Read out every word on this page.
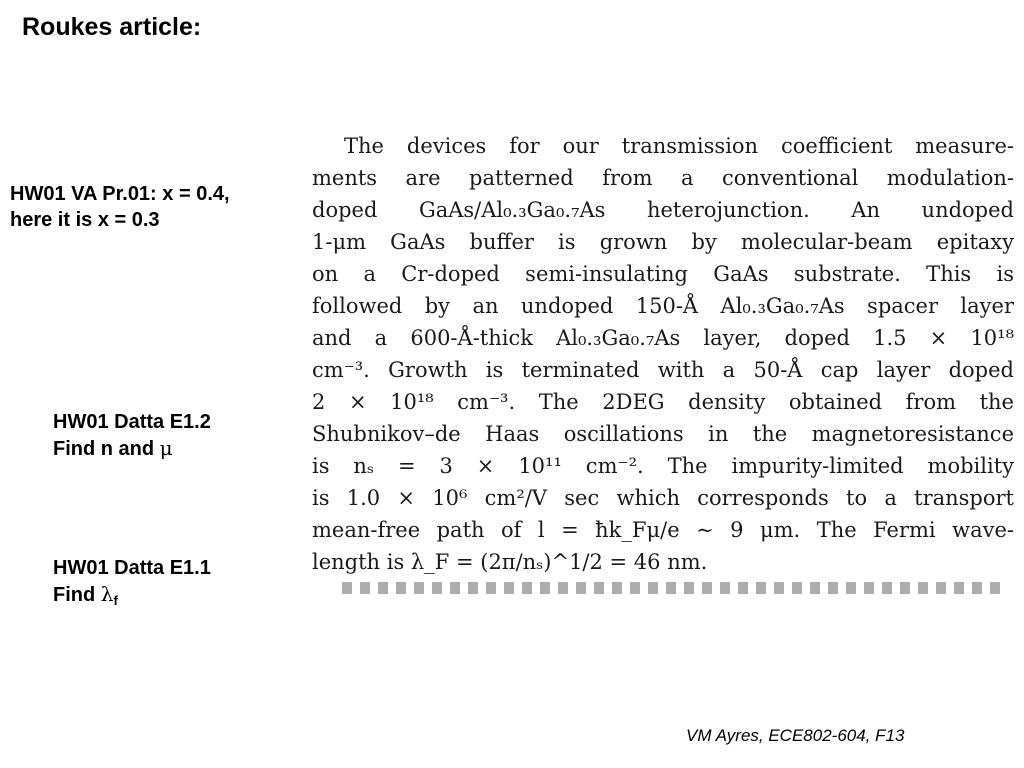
Roukes article:
HW01 VA Pr.01: x = 0.4,
here it is x = 0.3
HW01 Datta E1.2
Find n and μ
HW01 Datta E1.1
Find $\lambda_f$
The devices for our transmission coefficient measure-
ments are patterned from a conventional modulation-
doped GaAs/Al₀.₃Ga₀.₇As heterojunction. An undoped
1-μm GaAs buffer is grown by molecular-beam epitaxy
on a Cr-doped semi-insulating GaAs substrate. This is
followed by an undoped 150-Å Al₀.₃Ga₀.₇As spacer layer
and a 600-Å-thick Al₀.₃Ga₀.₇As layer, doped 1.5 × 10¹⁸
cm⁻³. Growth is terminated with a 50-Å cap layer doped
2 × 10¹⁸ cm⁻³. The 2DEG density obtained from the
Shubnikov–de Haas oscillations in the magnetoresistance
is nₛ = 3 × 10¹¹ cm⁻². The impurity-limited mobility
is 1.0 × 10⁶ cm²/V sec which corresponds to a transport
mean-free path of l = ħk_Fμ/e ∼ 9 μm. The Fermi wave-
length is λ_F = (2π/nₛ)^1/2 = 46 nm.
VM Ayres, ECE802-604, F13
